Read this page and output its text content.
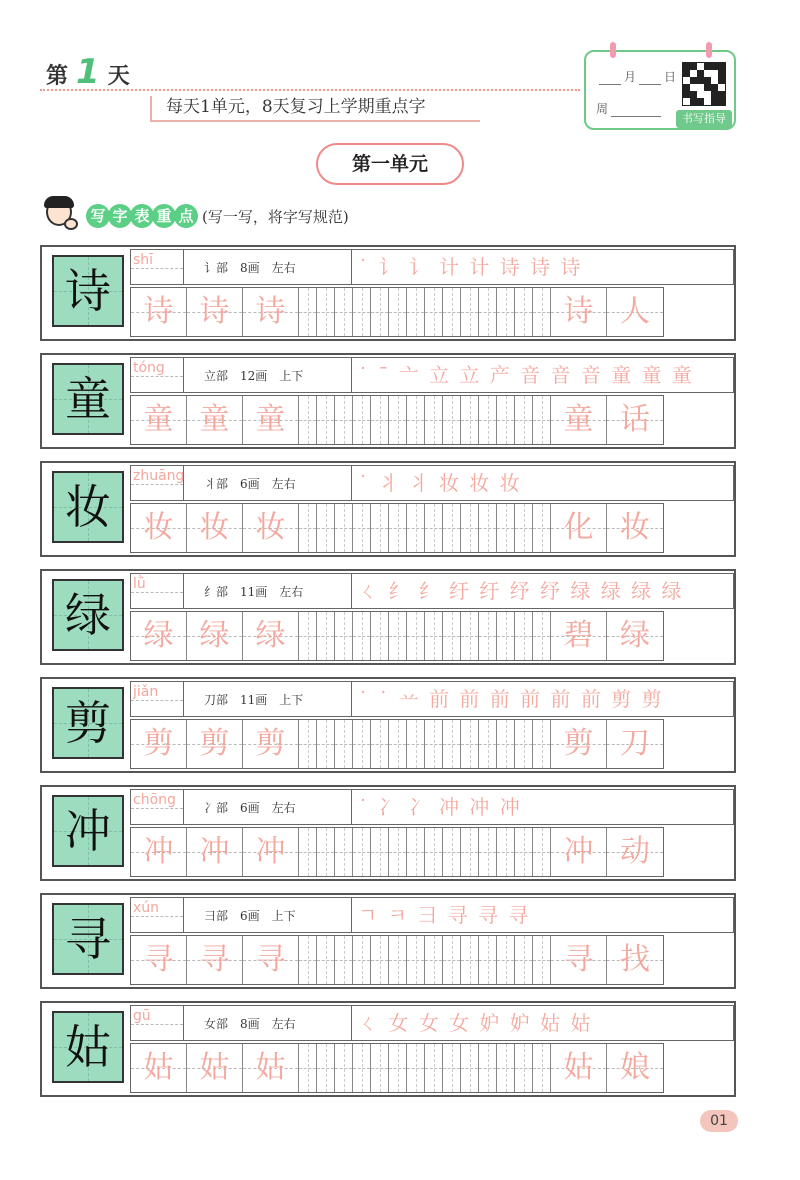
第 1 天
每天1单元，8天复习上学期重点字
月 日
周
书写指导
第一单元
写 字 表 重 点 (写一写，将字写规范)
诗
shī	讠部 8画 左右	˙ 讠 讠 计 计 诗 诗 诗
诗 诗 诗	诗 人
童
tóng	立部 12画 上下	˙ ˉ 亠 立 立 产 音 音 音 童 童 童
童 童 童	童 话
妆
zhuāng	丬部 6画 左右	˙ 丬 丬 妆 妆 妆
妆 妆 妆	化 妆
绿
lǜ	纟部 11画 左右	ㄑ 纟 纟 纡 纡 纾 纾 绿 绿 绿 绿
绿 绿 绿	碧 绿
剪
jiǎn	刀部 11画 上下	˙ ˙ 䒑 前 前 前 前 前 前 剪 剪
剪 剪 剪	剪 刀
冲
chōng	冫部 6画 左右	˙ 冫 冫 冲 冲 冲
冲 冲 冲	冲 动
寻
xún	彐部 6画 上下	ㄱ ㅋ 彐 寻 寻 寻
寻 寻 寻	寻 找
姑
gū	女部 8画 左右	ㄑ 女 女 女 妒 妒 姑 姑
姑 姑 姑	姑 娘
01
